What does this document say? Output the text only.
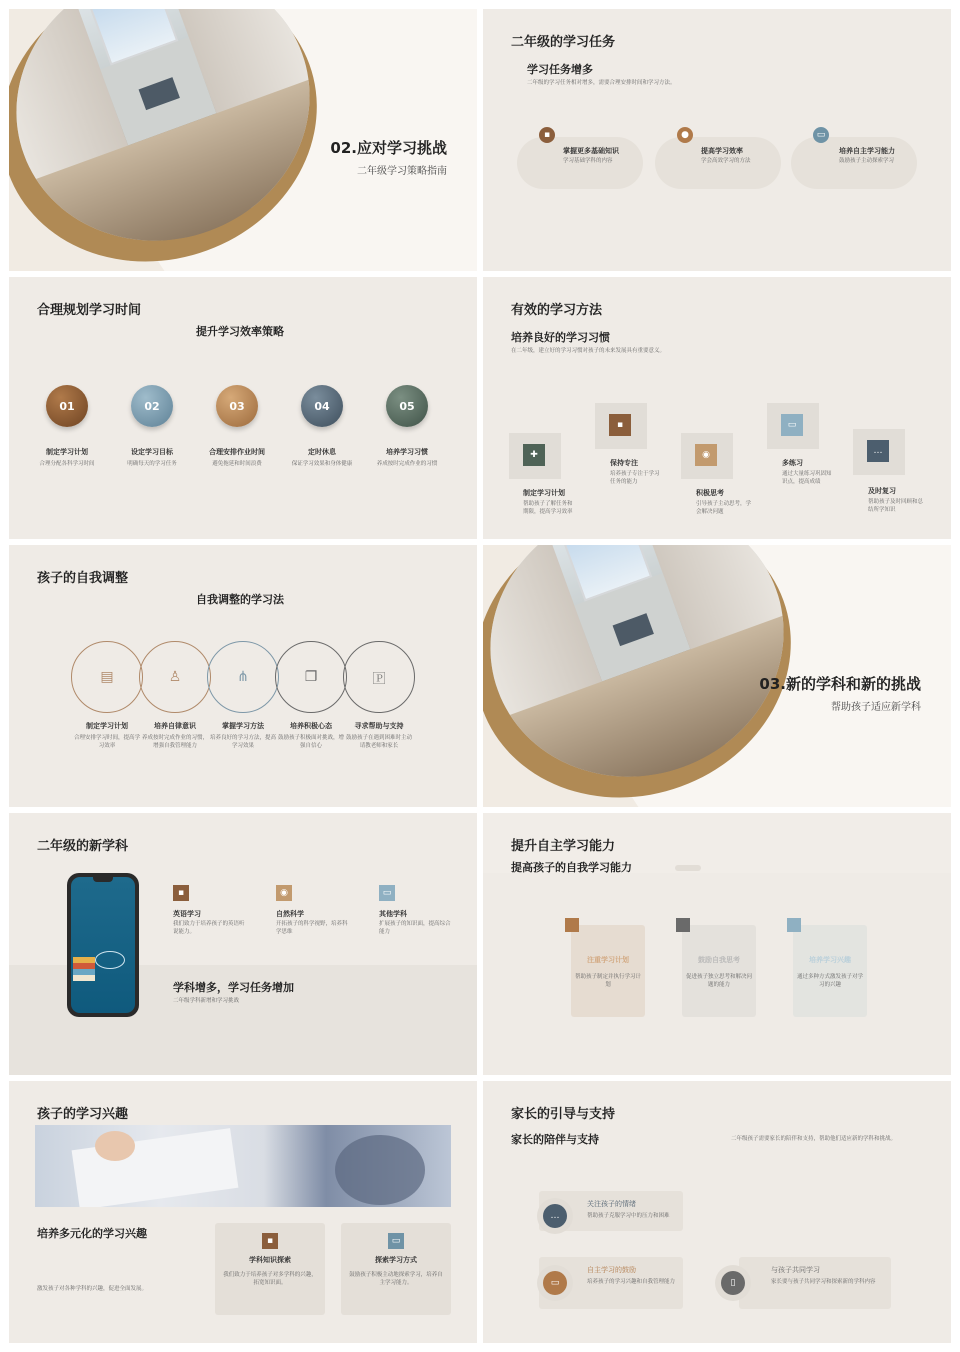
02.应对学习挑战
二年级学习策略指南
二年级的学习任务
学习任务增多
二年级的学习任务相对增多，需要合理安排时间和学习方法。
▪
掌握更多基础知识
学习基础学科的内容
●
提高学习效率
学会高效学习的方法
▭
培养自主学习能力
鼓励孩子主动探索学习
合理规划学习时间
提升学习效率策略
01
制定学习计划
合理分配各科学习时间
02
设定学习目标
明确每天的学习任务
03
合理安排作业时间
避免拖延和时间浪费
04
定时休息
保证学习效果和身体健康
05
培养学习习惯
养成按时完成作业的习惯
有效的学习方法
培养良好的学习习惯
在二年级，建立好的学习习惯对孩子的未来发展具有重要意义。
✚
制定学习计划
帮助孩子了解任务和期限，提高学习效率
▪
保持专注
培养孩子专注于学习任务的能力
◉
积极思考
引导孩子主动思考，学会解决问题
▭
多练习
通过大量练习巩固知识点，提高成绩
…
及时复习
帮助孩子及时回顾和总结所学知识
孩子的自我调整
自我调整的学习法
▤
制定学习计划
合理安排学习时间，提高学习效率
♙
培养自律意识
养成按时完成作业的习惯，增强自我管理能力
⋔
掌握学习方法
培养良好的学习方法，提高学习效果
❐
培养积极心态
鼓励孩子积极面对挑战，增强自信心
🄿
寻求帮助与支持
鼓励孩子在遇到困难时主动请教老师和家长
03.新的学科和新的挑战
帮助孩子适应新学科
二年级的新学科
▪
英语学习
我们致力于培养孩子的英语听说能力。
◉
自然科学
开拓孩子的科学视野，培养科学思维
▭
其他学科
扩展孩子的知识面，提高综合能力
学科增多，学习任务增加
二年级学科新增和学习挑战
提升自主学习能力
提高孩子的自我学习能力
注重学习计划
帮助孩子制定并执行学习计划
鼓励自我思考
促进孩子独立思考和解决问题的能力
培养学习兴趣
通过多种方式激发孩子对学习的兴趣
孩子的学习兴趣
培养多元化的学习兴趣
激发孩子对各种学科的兴趣，促进全面发展。
▪
学科知识探索
我们致力于培养孩子对多学科的兴趣，拓宽知识面。
▭
探索学习方式
鼓励孩子积极主动地探索学习，培养自主学习能力。
家长的引导与支持
家长的陪伴与支持	二年级孩子需要家长的陪伴和支持，帮助他们适应新的学科和挑战。
…
关注孩子的情绪
帮助孩子克服学习中的压力和困难
▭
自主学习的鼓励
培养孩子的学习兴趣和自我管理能力	▯
与孩子共同学习
家长要与孩子共同学习和探索新的学科内容
